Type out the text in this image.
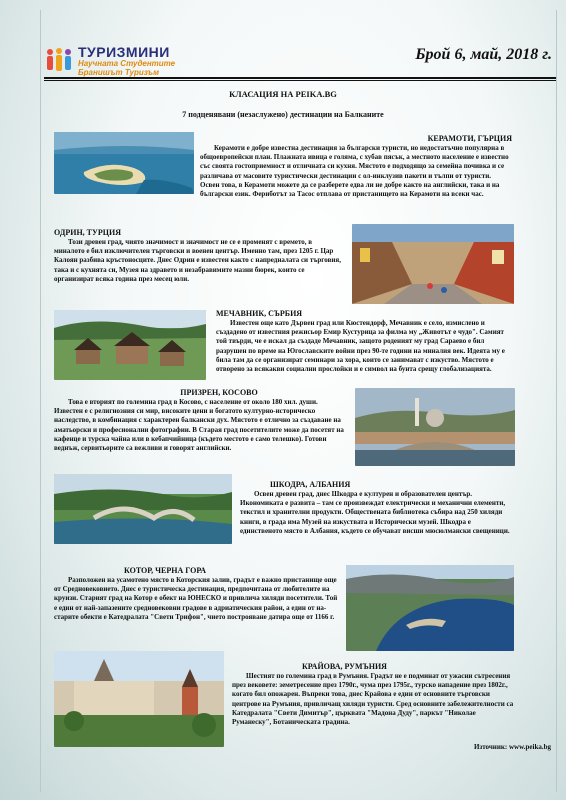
ТУРИЗМИНИ
Научната Студентите
Бранишът Туризъм
Брой 6, май, 2018 г.
КЛАСАЦИЯ НА PEIKA.BG
7 подценявани (незаслужено) дестинации на Балканите
КЕРАМОТИ, ГЪРЦИЯ

Керамоти е добре известна дестинация за български туристи, но недостатъчно популярна в общоевропейски план. Плажната ивица е голяма, с хубав пясък, а местното население е известно със своята гостоприемност и отличната си кухня. Мястото е подходящо за семейна почивка и се различава от масовите туристически дестинации с ол-инклузив пакети и тълпи от туристи. Освен това, в Керамоти можете да се разберете едва ли не добре както на английски, така и на български език. Фериботът за Тасос отплава от пристанището на Керамоти на всеки час.

ОДРИН, ТУРЦИЯ

Този древен град, чиято значимост и значимост не се е променят с времето, в миналото е бил изключителен търговски и военен център. Именно там, през 1205 г. Цар Калоян разбива кръстоносците. Днес Одрин е известен както с напредналата си търговия, така и с кухнята си, Музея на здравето и незабравимите мазни бюрек, които се организират всяка година през месец юли.

МЕЧАВНИК, СЪРБИЯ

Известен още като Дървен град или Кюстендорф, Мечавник е село, измислено и създадено от известния режисьор Емир Кустурица за филма му „Животът е чудо". Самият той твърди, че е искал да създаде Мечавник, защото роденият му град Сараево е бил разрушен по време на Югославските войни през 90-те години на миналия век. Идеята му е била там да се организират семинари за хора, които се занимават с изкуство. Мястото е отворено за всякакви социални прослойки и е символ на бунта срещу глобализацията.

ПРИЗРЕН, КОСОВО

Това е вторият по големина град в Косово, с население от около 180 хил. души. Известен е с религиозния си мир, високите цени и богатото културно-историческо наследство, в комбинация с характерен балкански дух. Мястото е отлично за създаване на аматьорски и професионални фотографии. В Старая град посетителите може да посетят на кафенце и турска чайна или в кебапчийница (където местото е само телешко). Готови веднъж, сервитьорите са вежливи и говорят английски.

ШКОДРА, АЛБАНИЯ

Освен древен град, днес Шкодра е културен и образователен център. Икономиката е развита – там се произвеждат електрически и механични елементи, текстил и хранителни продукти. Обществената библиотека събира над 250 хиляди книги, в града има Музей на изкуствата и Исторически музей. Шкодра е единственото място в Албания, където се обучават висши мюсюлмански свещеници.

КОТОР, ЧЕРНА ГОРА

Разположен на усамотено място в Которския залив, градът е важно пристанище още от Средновековието. Днес е туристическа дестинация, предпочитана от любителите на круизи. Старият град на Котор е обект на ЮНЕСКО и привлича хиляди посетители. Той е един от най-запазените средновековни градове в адриатическия район, а един от на-старите обекти е Катедралата "Свети Трифон", чието построяване датира още от 1166 г.

КРАЙОВА, РУМЪНИЯ

Шестият по големина град в Румъния. Градът не е подминат от ужасни сътресения през вековете: земетресение през 1790г., чума през 1795г., турско нападение през 1802г., когато бил опожарен. Въпреки това, днес Крайова е един от основните търговски центрове на Румъния, привличащ хиляди туристи. Сред основните забележителности са Катедралата "Свети Димитър", църквата "Мадона Дуду", паркът "Николае Руманеску", Ботаническата градина.

Източник: www.peika.bg
